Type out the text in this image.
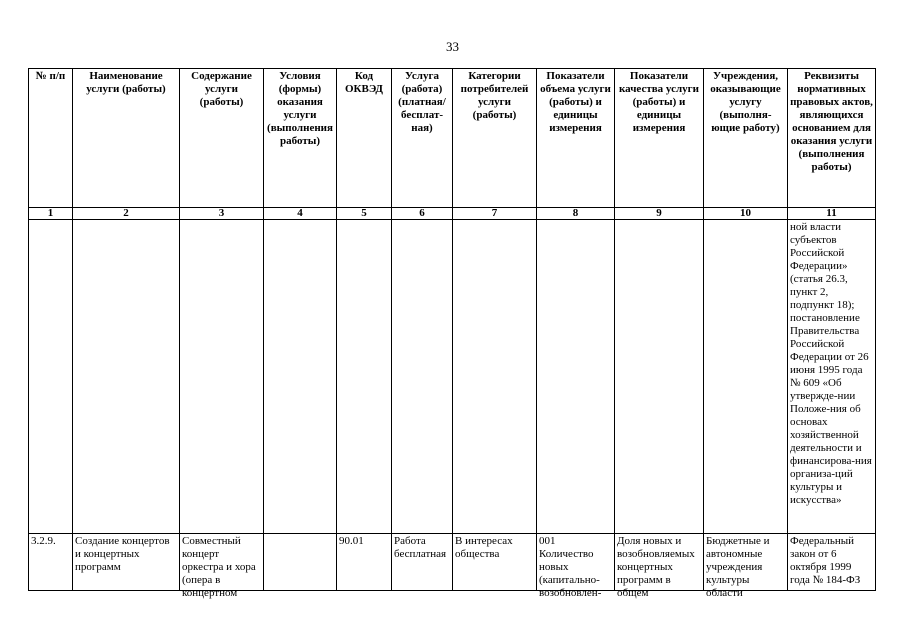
33
№ п/п	Наименование услуги (работы)	Содержание услуги (работы)	Условия (формы) оказания услуги (выполнения работы)	Код ОКВЭД	Услуга (работа) (платная/ бесплат-ная)	Категории потребителей услуги (работы)	Показатели объема услуги (работы) и единицы измерения	Показатели качества услуги (работы) и единицы измерения	Учреждения, оказывающие услугу (выполня-ющие работу)	Реквизиты нормативных правовых актов, являющихся основанием для оказания услуги (выполнения работы)
1	2	3	4	5	6	7	8	9	10	11
										ной власти субъектов Российской Федерации» (статья 26.3, пункт 2, подпункт 18); постановление Правительства Российской Федерации от 26 июня 1995 года № 609 «Об утвержде-нии Положе-ния об основах хозяйственной деятельности и финансирова-ния организа-ций культуры и искусства»

3.2.9.	Создание концертов и концертных программ	Совместный концерт оркестра и хора (опера в концертном		90.01	Работа бесплатная	В интересах общества	001 Количество новых (капитально-возобновлен-	Доля новых и возобновляемых концертных программ в общем	Бюджетные и автономные учреждения культуры области	Федеральный закон от 6 октября 1999 года № 184-ФЗ
